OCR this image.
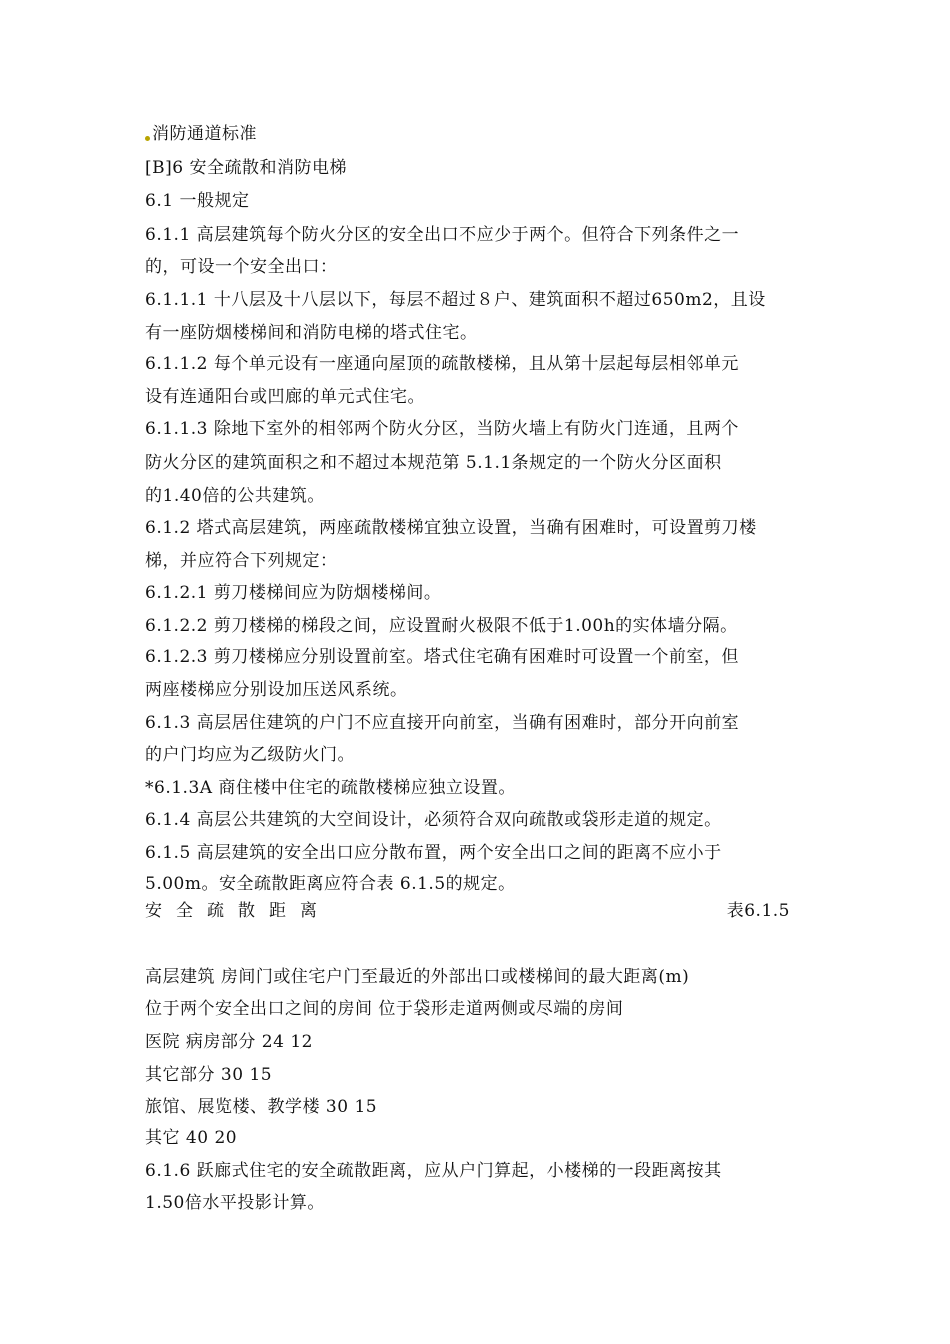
消防通道标准
[B]6 安全疏散和消防电梯
6.1 一般规定
6.1.1 高层建筑每个防火分区的安全出口不应少于两个。但符合下列条件之一
的，可设一个安全出口：
6.1.1.1 十八层及十八层以下，每层不超过８户、建筑面积不超过650m2，且设
有一座防烟楼梯间和消防电梯的塔式住宅。
6.1.1.2 每个单元设有一座通向屋顶的疏散楼梯，且从第十层起每层相邻单元
设有连通阳台或凹廊的单元式住宅。
6.1.1.3 除地下室外的相邻两个防火分区，当防火墙上有防火门连通，且两个
防火分区的建筑面积之和不超过本规范第 5.1.1条规定的一个防火分区面积
的1.40倍的公共建筑。
6.1.2 塔式高层建筑，两座疏散楼梯宜独立设置，当确有困难时，可设置剪刀楼
梯，并应符合下列规定：
6.1.2.1 剪刀楼梯间应为防烟楼梯间。
6.1.2.2 剪刀楼梯的梯段之间，应设置耐火极限不低于1.00h的实体墙分隔。
6.1.2.3 剪刀楼梯应分别设置前室。塔式住宅确有困难时可设置一个前室，但
两座楼梯应分别设加压送风系统。
6.1.3 高层居住建筑的户门不应直接开向前室，当确有困难时，部分开向前室
的户门均应为乙级防火门。
*6.1.3A 商住楼中住宅的疏散楼梯应独立设置。
6.1.4 高层公共建筑的大空间设计，必须符合双向疏散或袋形走道的规定。
6.1.5 高层建筑的安全出口应分散布置，两个安全出口之间的距离不应小于
5.00m。安全疏散距离应符合表 6.1.5的规定。
安全疏散距离	表6.1.5
高层建筑 房间门或住宅户门至最近的外部出口或楼梯间的最大距离(m)
位于两个安全出口之间的房间 位于袋形走道两侧或尽端的房间
医院 病房部分 24 12
其它部分 30 15
旅馆、展览楼、教学楼 30 15
其它 40 20
6.1.6 跃廊式住宅的安全疏散距离，应从户门算起，小楼梯的一段距离按其
1.50倍水平投影计算。
